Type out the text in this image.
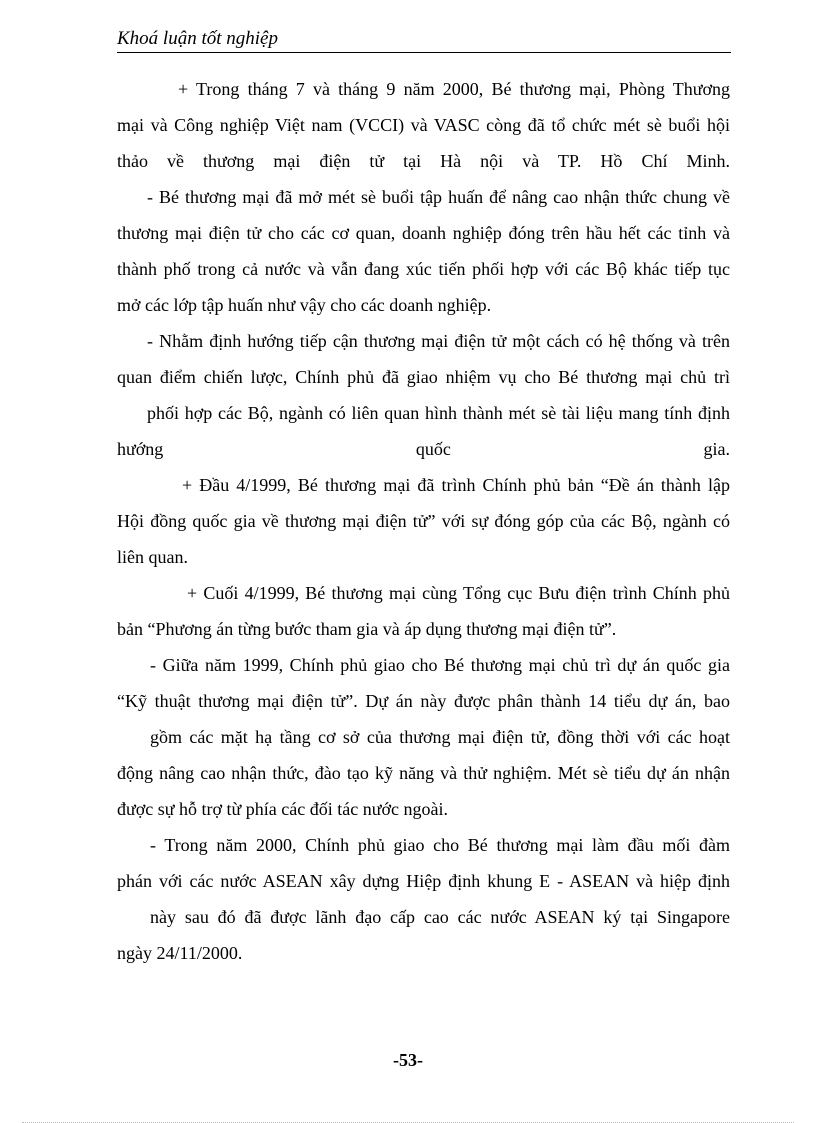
Khoá luận tốt nghiệp
+ Trong tháng 7 và tháng 9 năm 2000, Bé thương mại, Phòng Thương
mại và Công nghiệp Việt nam (VCCI) và VASC còng đã tổ chức mét sè buổi hội
thảo về thương mại điện tử tại Hà nội và TP. Hồ Chí Minh.
- Bé thương mại đã mở mét sè buổi tập huấn để nâng cao nhận thức chung về
thương mại điện tử cho các cơ quan, doanh nghiệp đóng trên hầu hết các tỉnh và
thành phố trong cả nước và vẫn đang xúc tiến phối hợp với các Bộ khác tiếp tục
mở các lớp tập huấn như vậy cho các doanh nghiệp.
- Nhằm định hướng tiếp cận thương mại điện tử một cách có hệ thống và trên
quan điểm chiến lược, Chính phủ đã giao nhiệm vụ cho Bé thương mại chủ trì
phối hợp các Bộ, ngành có liên quan hình thành mét sè tài liệu mang tính định
hướng quốc gia.
+ Đầu 4/1999, Bé thương mại đã trình Chính phủ bản “Đề án thành lập
Hội đồng quốc gia về thương mại điện tử” với sự đóng góp của các Bộ, ngành có
liên quan.
+ Cuối 4/1999, Bé thương mại cùng Tổng cục Bưu điện trình Chính phủ
bản “Phương án từng bước tham gia và áp dụng thương mại điện tử”.
- Giữa năm 1999, Chính phủ giao cho Bé thương mại chủ trì dự án quốc gia
“Kỹ thuật thương mại điện tử”. Dự án này được phân thành 14 tiểu dự án, bao
gồm các mặt hạ tầng cơ sở của thương mại điện tử, đồng thời với các hoạt
động nâng cao nhận thức, đào tạo kỹ năng và thử nghiệm. Mét sè tiểu dự án nhận
được sự hỗ trợ từ phía các đối tác nước ngoài.
- Trong năm 2000, Chính phủ giao cho Bé thương mại làm đầu mối đàm
phán với các nước ASEAN xây dựng Hiệp định khung E - ASEAN và hiệp định
này sau đó đã được lãnh đạo cấp cao các nước ASEAN ký tại Singapore
ngày 24/11/2000.
-53-
